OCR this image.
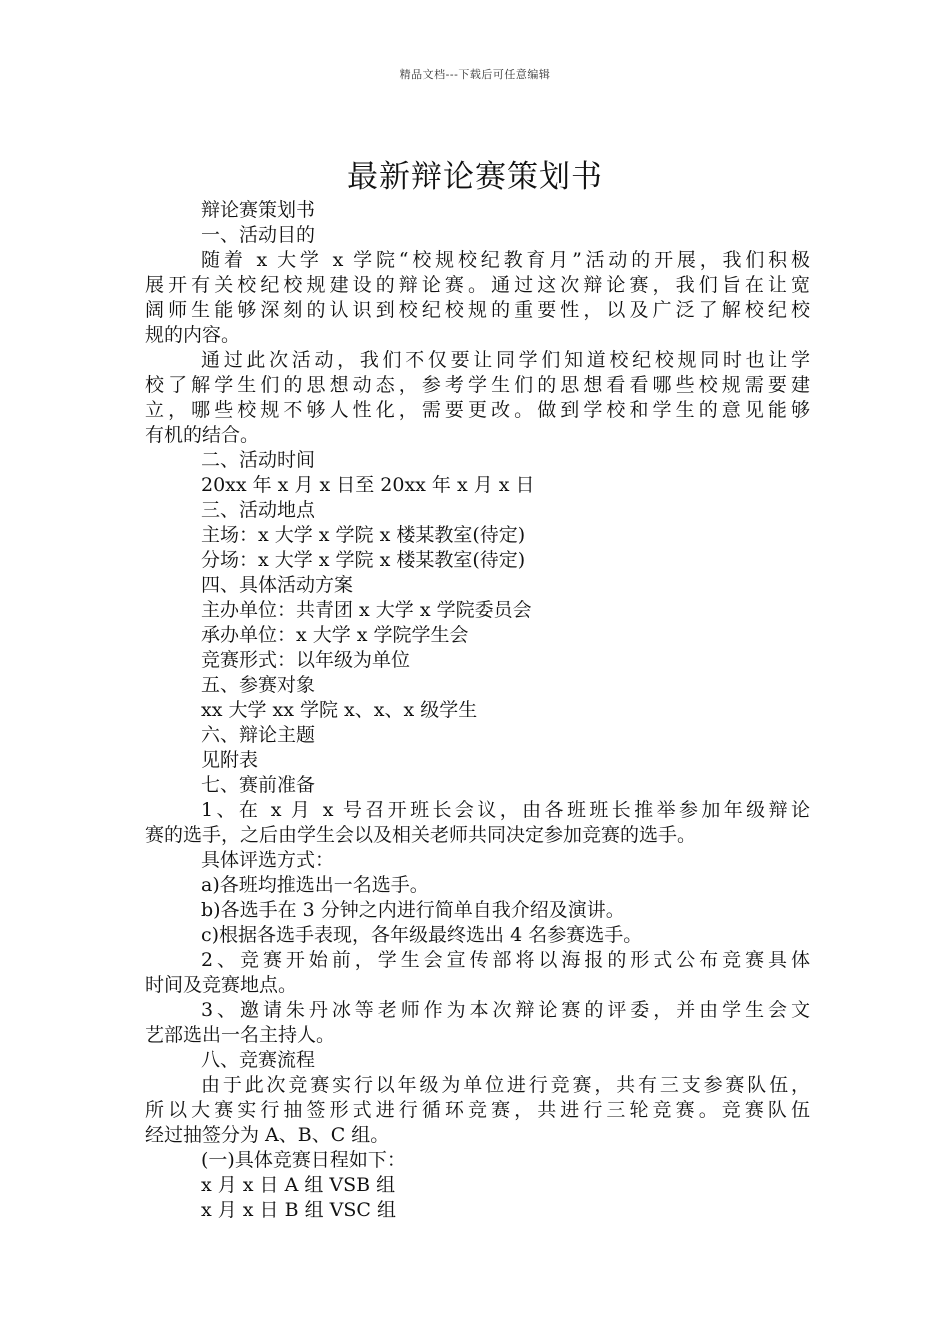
精品文档---下载后可任意编辑
最新辩论赛策划书
辩论赛策划书
一、活动目的
随着 x 大学 x 学院“校规校纪教育月”活动的开展，我们积极
展开有关校纪校规建设的辩论赛。通过这次辩论赛，我们旨在让宽
阔师生能够深刻的认识到校纪校规的重要性，以及广泛了解校纪校
规的内容。
通过此次活动，我们不仅要让同学们知道校纪校规同时也让学
校了解学生们的思想动态，参考学生们的思想看看哪些校规需要建
立，哪些校规不够人性化，需要更改。做到学校和学生的意见能够
有机的结合。
二、活动时间
20xx 年 x 月 x 日至 20xx 年 x 月 x 日
三、活动地点
主场：x 大学 x 学院 x 楼某教室(待定)
分场：x 大学 x 学院 x 楼某教室(待定)
四、具体活动方案
主办单位：共青团 x 大学 x 学院委员会
承办单位：x 大学 x 学院学生会
竞赛形式：以年级为单位
五、参赛对象
xx 大学 xx 学院 x、x、x 级学生
六、辩论主题
见附表
七、赛前准备
1、在 x 月 x 号召开班长会议，由各班班长推举参加年级辩论
赛的选手，之后由学生会以及相关老师共同决定参加竞赛的选手。
具体评选方式：
a)各班均推选出一名选手。
b)各选手在 3 分钟之内进行简单自我介绍及演讲。
c)根据各选手表现，各年级最终选出 4 名参赛选手。
2、竞赛开始前，学生会宣传部将以海报的形式公布竞赛具体
时间及竞赛地点。
3、邀请朱丹冰等老师作为本次辩论赛的评委，并由学生会文
艺部选出一名主持人。
八、竞赛流程
由于此次竞赛实行以年级为单位进行竞赛，共有三支参赛队伍，
所以大赛实行抽签形式进行循环竞赛，共进行三轮竞赛。竞赛队伍
经过抽签分为 A、B、C 组。
(一)具体竞赛日程如下：
x 月 x 日 A 组 VSB 组
x 月 x 日 B 组 VSC 组
